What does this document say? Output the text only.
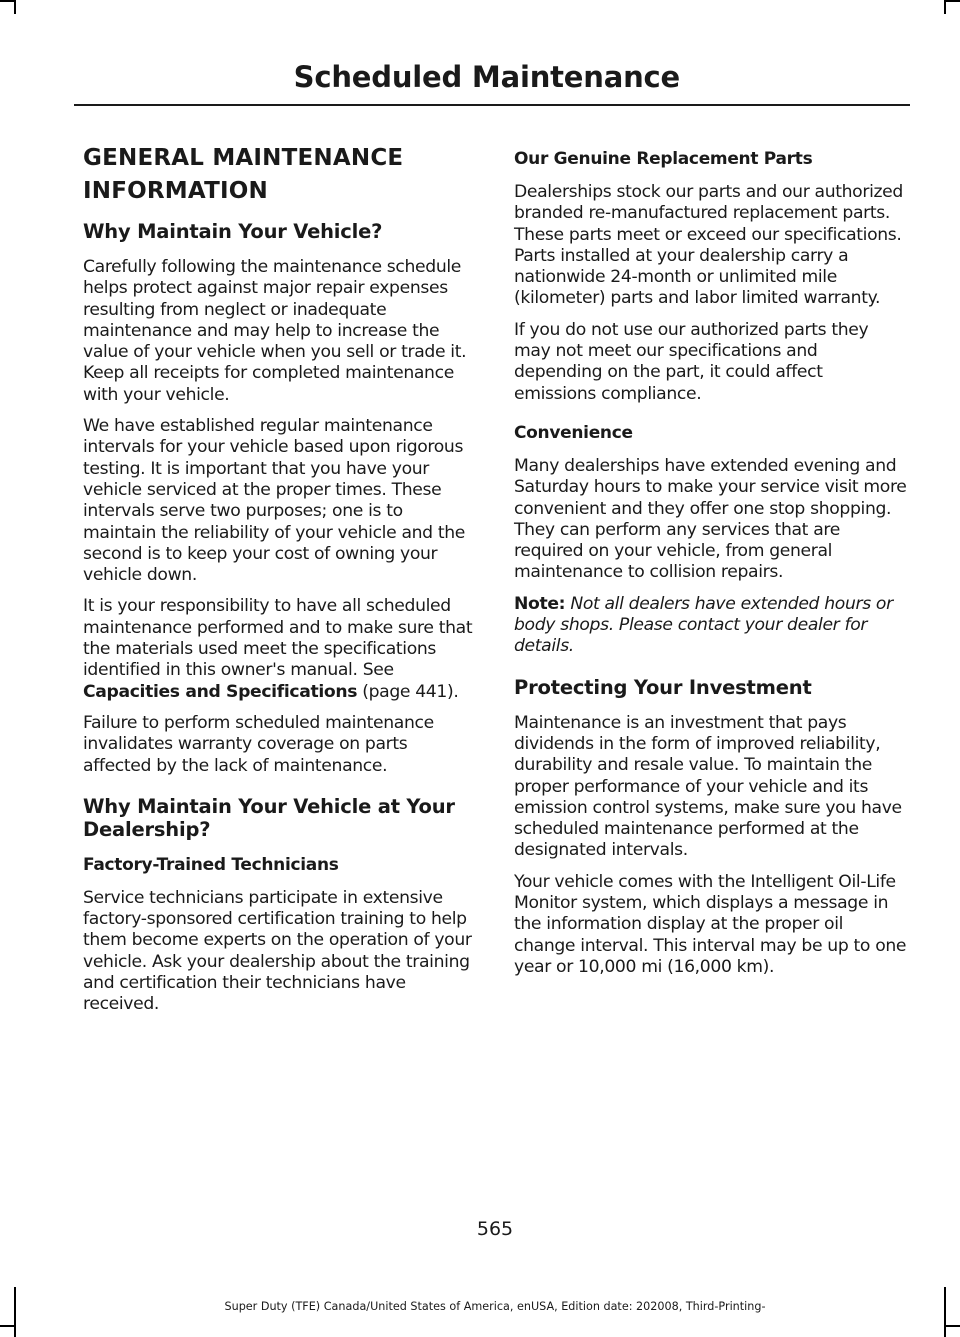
Scheduled Maintenance
GENERAL MAINTENANCE
INFORMATION
Why Maintain Your Vehicle?

Carefully following the maintenance schedule helps protect against major repair expenses resulting from neglect or inadequate maintenance and may help to increase the value of your vehicle when you sell or trade it. Keep all receipts for completed maintenance with your vehicle.

We have established regular maintenance intervals for your vehicle based upon rigorous testing. It is important that you have your vehicle serviced at the proper times. These intervals serve two purposes; one is to maintain the reliability of your vehicle and the second is to keep your cost of owning your vehicle down.

It is your responsibility to have all scheduled maintenance performed and to make sure that the materials used meet the specifications identified in this owner's manual. See Capacities and Specifications (page 441).

Failure to perform scheduled maintenance invalidates warranty coverage on parts affected by the lack of maintenance.

Why Maintain Your Vehicle at Your Dealership?
Factory-Trained Technicians

Service technicians participate in extensive factory-sponsored certification training to help them become experts on the operation of your vehicle. Ask your dealership about the training and certification their technicians have received.

Our Genuine Replacement Parts

Dealerships stock our parts and our authorized branded re-manufactured replacement parts. These parts meet or exceed our specifications. Parts installed at your dealership carry a nationwide 24-month or unlimited mile (kilometer) parts and labor limited warranty.

If you do not use our authorized parts they may not meet our specifications and depending on the part, it could affect emissions compliance.

Convenience

Many dealerships have extended evening and Saturday hours to make your service visit more convenient and they offer one stop shopping. They can perform any services that are required on your vehicle, from general maintenance to collision repairs.

Note: Not all dealers have extended hours or body shops. Please contact your dealer for details.

Protecting Your Investment

Maintenance is an investment that pays dividends in the form of improved reliability, durability and resale value. To maintain the proper performance of your vehicle and its emission control systems, make sure you have scheduled maintenance performed at the designated intervals.

Your vehicle comes with the Intelligent Oil-Life Monitor system, which displays a message in the information display at the proper oil change interval. This interval may be up to one year or 10,000 mi (16,000 km).

565
Super Duty (TFE) Canada/United States of America, enUSA, Edition date: 202008, Third-Printing-
